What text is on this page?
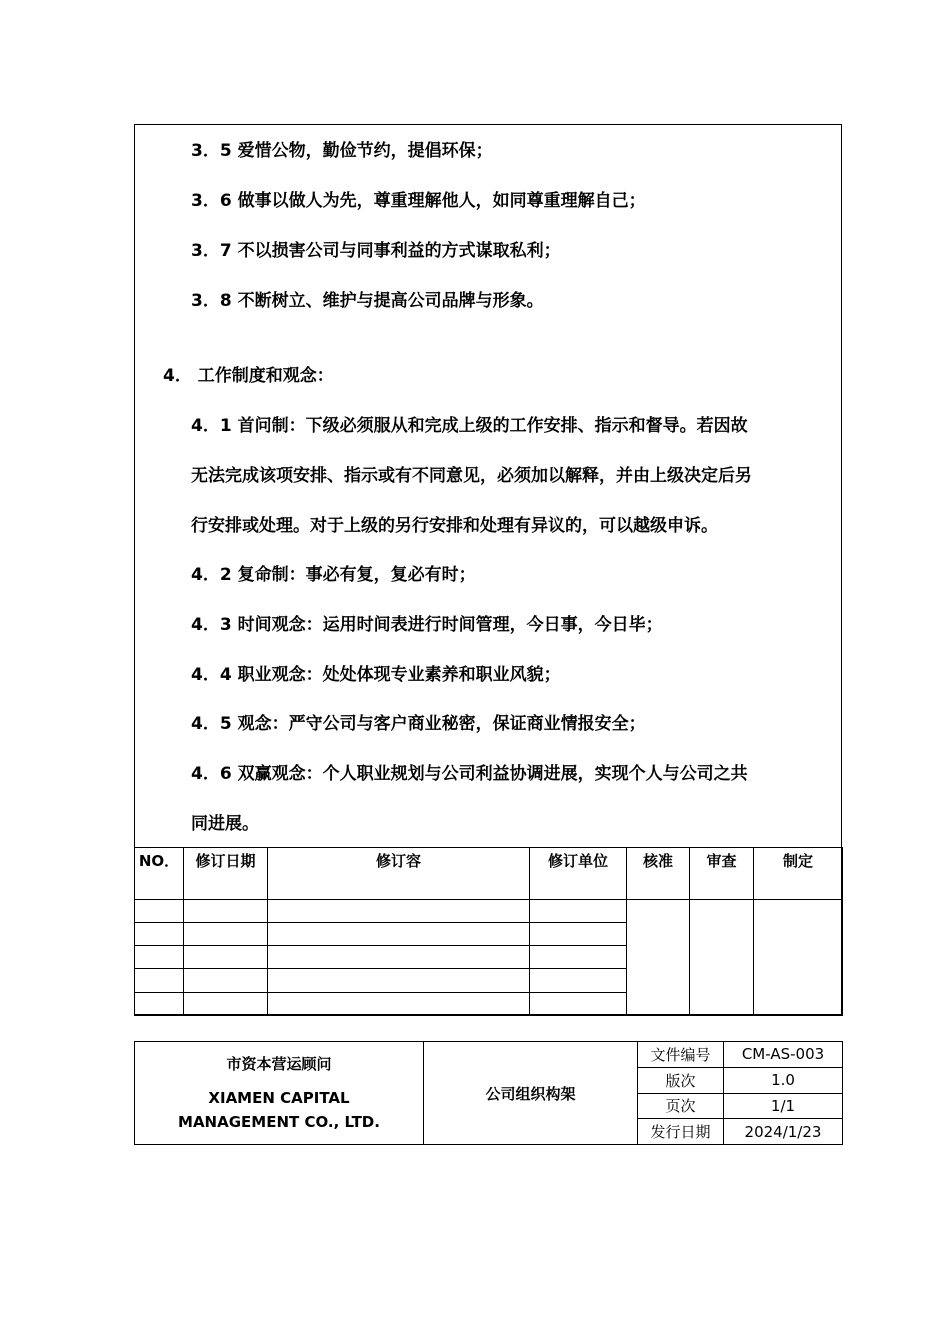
3．5 爱惜公物，勤俭节约，提倡环保；
3．6 做事以做人为先，尊重理解他人，如同尊重理解自己；
3．7 不以损害公司与同事利益的方式谋取私利；
3．8 不断树立、维护与提高公司品牌与形象。
4． 工作制度和观念：
4．1 首问制：下级必须服从和完成上级的工作安排、指示和督导。若因故
无法完成该项安排、指示或有不同意见，必须加以解释，并由上级决定后另
行安排或处理。对于上级的另行安排和处理有异议的，可以越级申诉。
4．2 复命制：事必有复，复必有时；
4．3 时间观念：运用时间表进行时间管理，今日事，今日毕；
4．4 职业观念：处处体现专业素养和职业风貌；
4．5 观念：严守公司与客户商业秘密，保证商业情报安全；
4．6 双赢观念：个人职业规划与公司利益协调进展，实现个人与公司之共
同进展。
NO．	修订日期	修订容	修订单位	核准	审查	制定

市资本营运顾问
XIAMEN CAPITAL
MANAGEMENT CO., LTD.	公司组织构架	文件编号	CM-AS-003
		版次	1.0
		页次	1/1
		发行日期	2024/1/23
